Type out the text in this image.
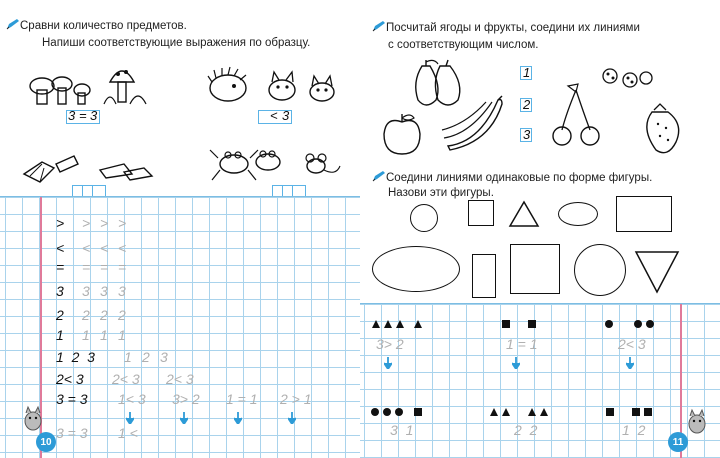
Сравни количество предметов.
Напиши соответствующие выражения по образцу.
3 = 3	< 3
> > > >
< < < <
= = = =
3 3 3 3
2 2 2 2
1 1 1 1
1  2  3 1 2 3
2< 3 2< 3 2< 3
3 = 3 1< 3 3> 2 1 = 1 2 > 1
3 = 3 1 <
10
Посчитай ягоды и фрукты, соедини их линиями
с соответствующим числом.
1
2
3
Соедини линиями одинаковые по форме фигуры.
Назови эти фигуры.
3> 2
3  1
1 = 1
2  2
2< 3
1  2
11
